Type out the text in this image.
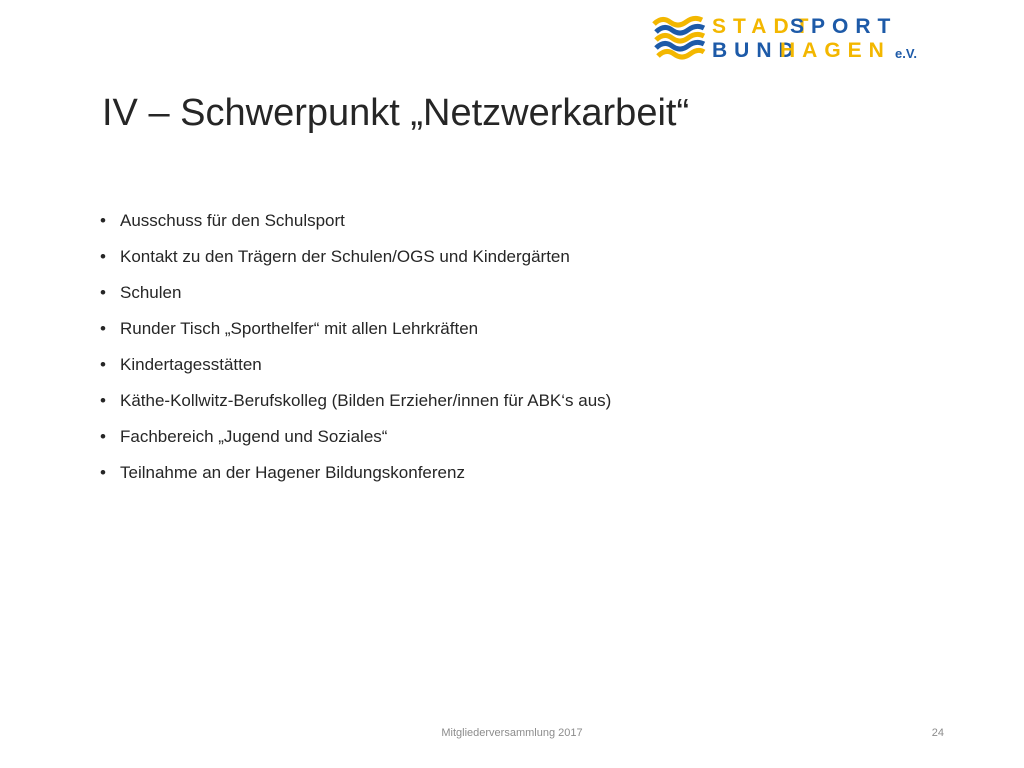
STADT
SPORT
BUND
HAGEN e.V.
IV – Schwerpunkt „Netzwerkarbeit“
• Ausschuss für den Schulsport
• Kontakt zu den Trägern der Schulen/OGS und Kindergärten
• Schulen
• Runder Tisch „Sporthelfer“ mit allen Lehrkräften
• Kindertagesstätten
• Käthe-Kollwitz-Berufskolleg (Bilden Erzieher/innen für ABK‘s aus)
• Fachbereich „Jugend und Soziales“
• Teilnahme an der Hagener Bildungskonferenz
Mitgliederversammlung 2017	24
